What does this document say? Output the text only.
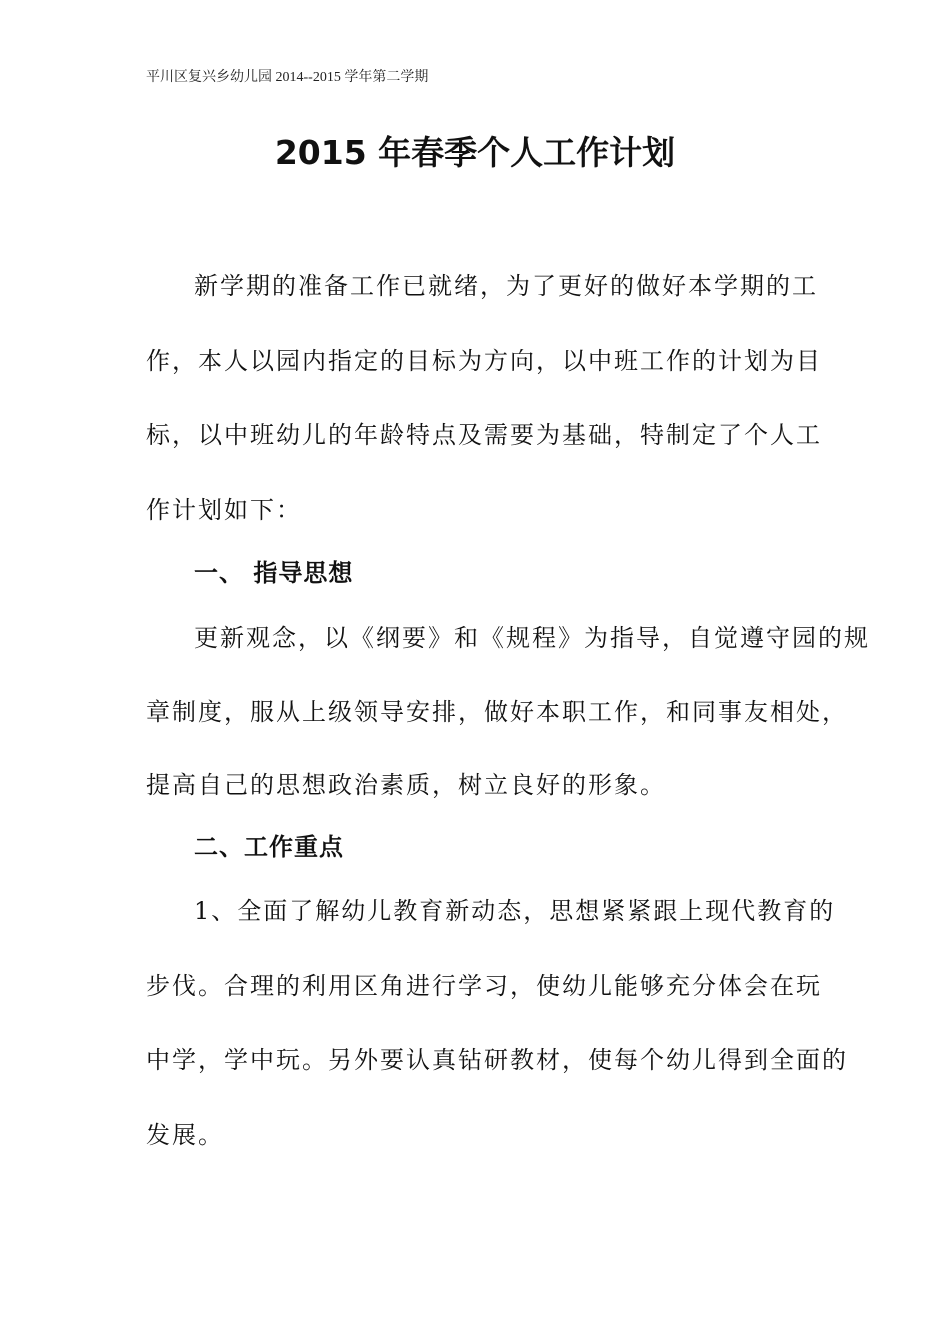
平川区复兴乡幼儿园 2014--2015 学年第二学期
2015 年春季个人工作计划
新学期的准备工作已就绪，为了更好的做好本学期的工
作，本人以园内指定的目标为方向，以中班工作的计划为目
标，以中班幼儿的年龄特点及需要为基础，特制定了个人工
作计划如下：
一、 指导思想
更新观念，以《纲要》和《规程》为指导，自觉遵守园的规
章制度，服从上级领导安排，做好本职工作，和同事友相处，
提高自己的思想政治素质，树立良好的形象。
二、工作重点
1、全面了解幼儿教育新动态，思想紧紧跟上现代教育的
步伐。合理的利用区角进行学习，使幼儿能够充分体会在玩
中学，学中玩。另外要认真钻研教材，使每个幼儿得到全面的
发展。
